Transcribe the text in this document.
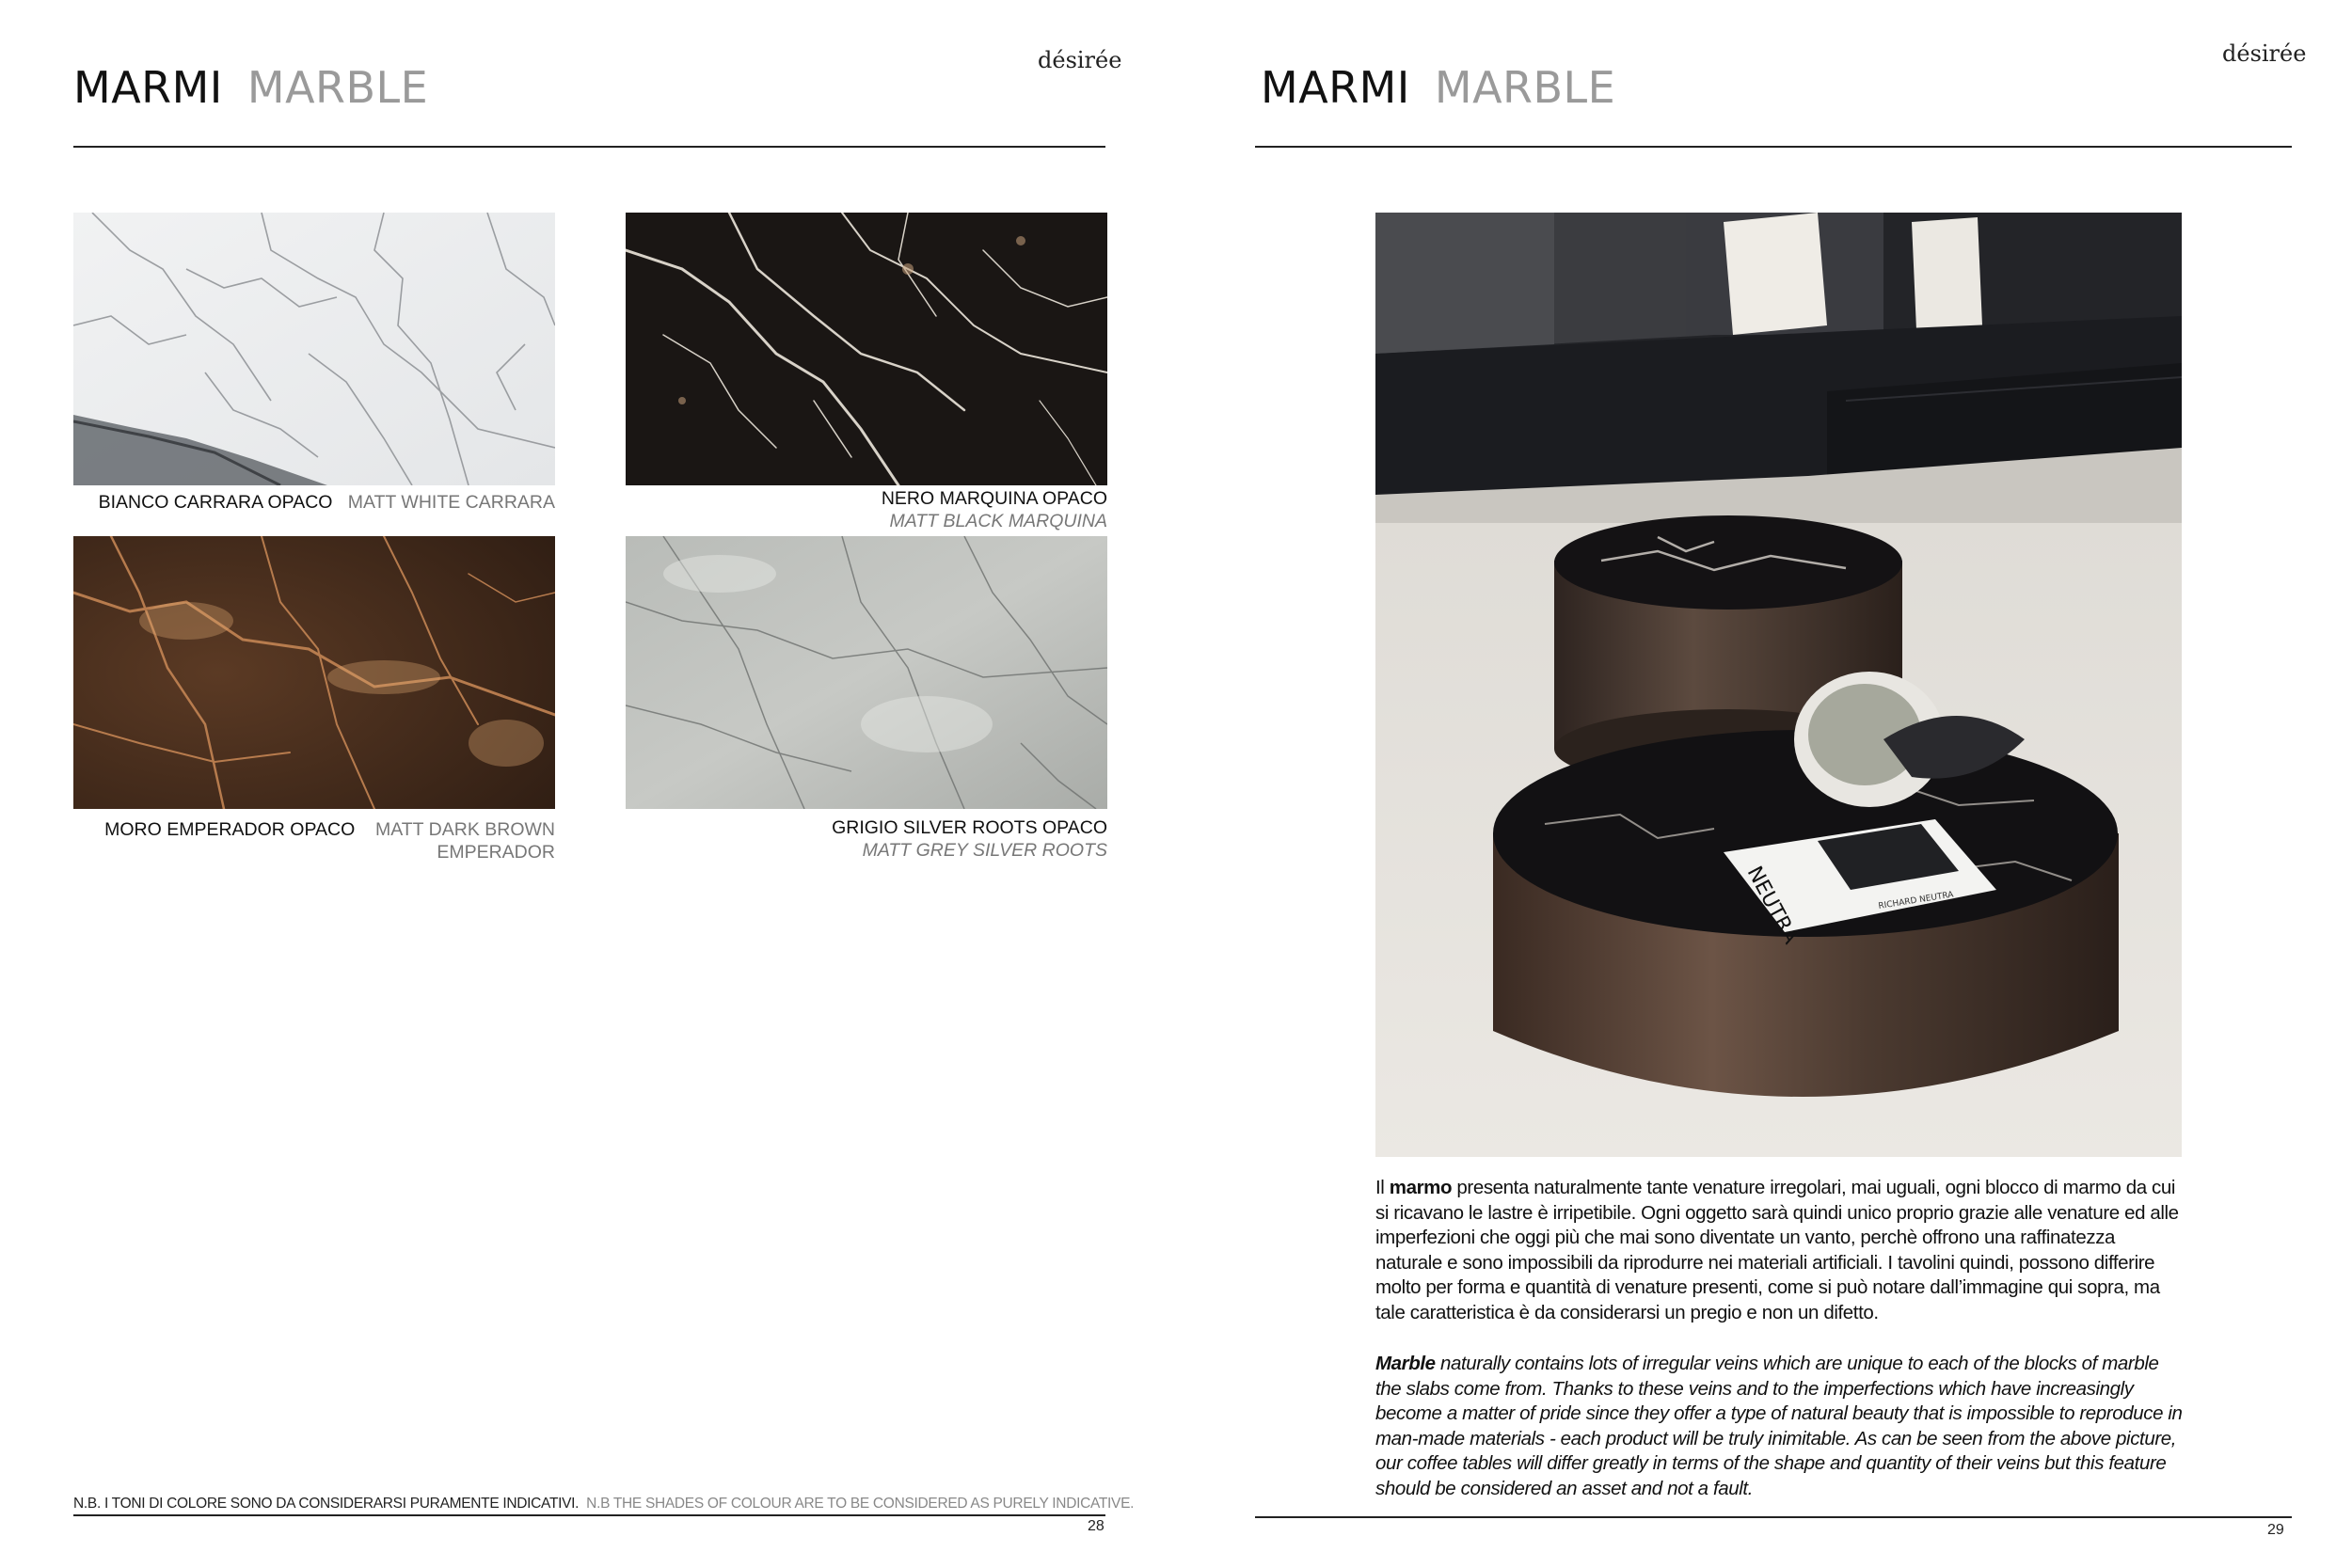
désirée
MARMI MARBLE
BIANCO CARRARA OPACO MATT WHITE CARRARA	NERO MARQUINA OPACO
MATT BLACK MARQUINA
MORO EMPERADOR OPACO MATT DARK BROWN
EMPERADOR
GRIGIO SILVER ROOTS OPACO
MATT GREY SILVER ROOTS
N.B. I TONI DI COLORE SONO DA CONSIDERARSI PURAMENTE INDICATIVI. N.B THE SHADES OF COLOUR ARE TO BE CONSIDERED AS PURELY INDICATIVE.
28
désirée
MARMI MARBLE
NEUTRA	RICHARD NEUTRA
Il marmo presenta naturalmente tante venature irregolari, mai uguali, ogni blocco di marmo da cui si ricavano le lastre è irripetibile. Ogni oggetto sarà quindi unico proprio grazie alle venature ed alle imperfezioni che oggi più che mai sono diventate un vanto, perchè offrono una raffinatezza naturale e sono impossibili da riprodurre nei materiali artificiali. I tavolini quindi, possono differire molto per forma e quantità di venature presenti, come si può notare dall’immagine qui sopra, ma tale caratteristica è da considerarsi un pregio e non un difetto.
Marble naturally contains lots of irregular veins which are unique to each of the blocks of marble the slabs come from. Thanks to these veins and to the imperfections which have increasingly become a matter of pride since they offer a type of natural beauty that is impossible to reproduce in man-made materials - each product will be truly inimitable. As can be seen from the above picture, our coffee tables will differ greatly in terms of the shape and quantity of their veins but this feature should be considered an asset and not a fault.
29
